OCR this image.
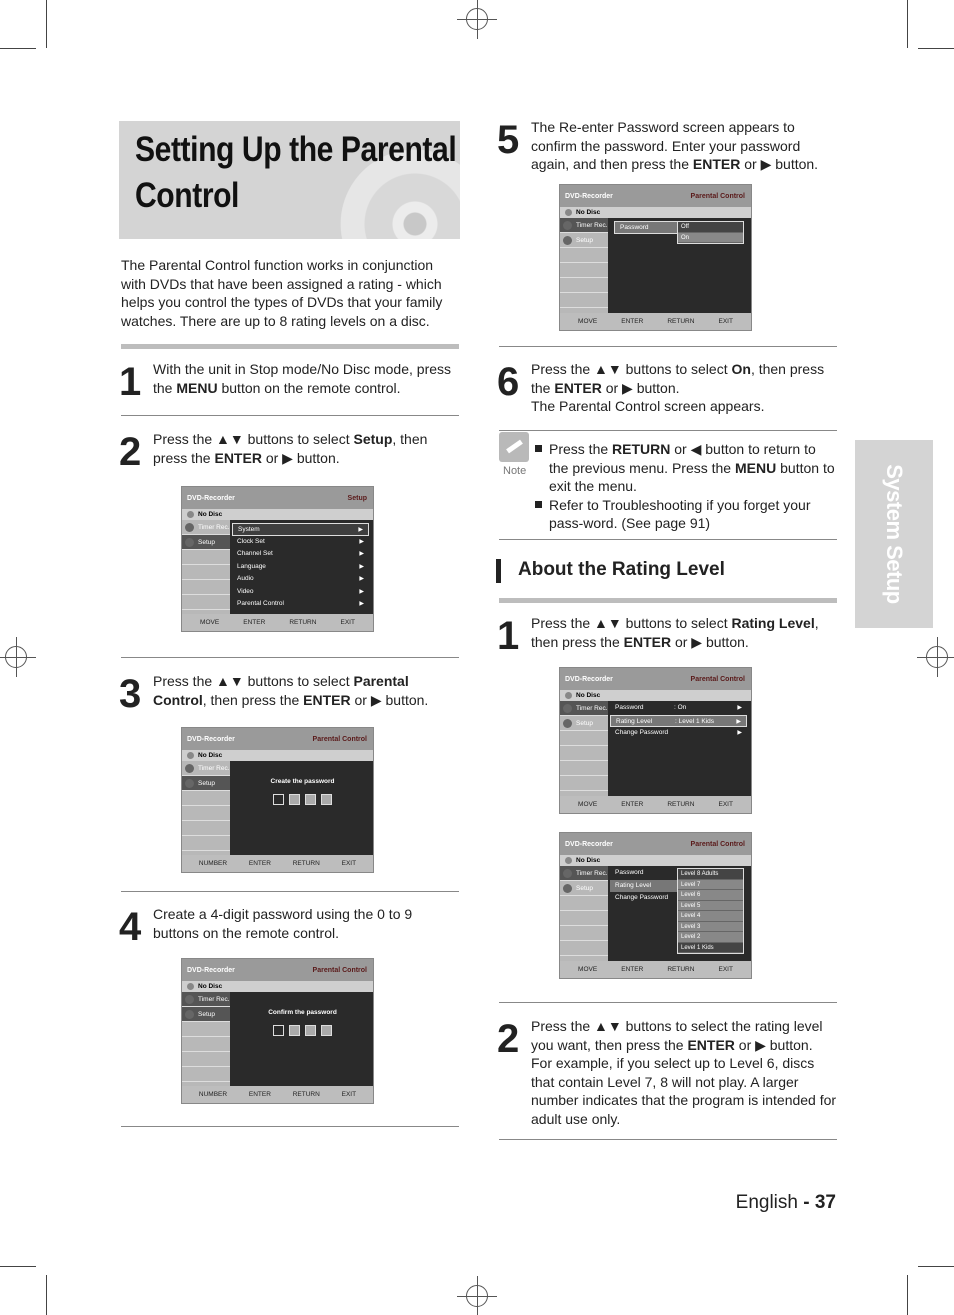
Setting Up the Parental Control

The Parental Control function works in conjunction with DVDs that have been assigned a rating - which helps you control the types of DVDs that your family watches. There are up to 8 rating levels on a disc.

1 With the unit in Stop mode/No Disc mode, press the MENU button on the remote control.
2 Press the ▲▼ buttons to select Setup, then press the ENTER or ▶ button.
DVD-Recorder	Setup
No Disc
Timer Rec.
Setup
System	▶
Clock Set	▶
Channel Set	▶
Language	▶
Audio	▶
Video	▶
Parental Control	▶
MOVE	ENTER	RETURN	EXIT
3 Press the ▲▼ buttons to select Parental Control, then press the ENTER or ▶ button.
DVD-Recorder	Parental Control
No Disc
Timer Rec.
Setup	Create the password
NUMBER	ENTER	RETURN	EXIT
4 Create a 4-digit password using the 0 to 9 buttons on the remote control.
DVD-Recorder	Parental Control
No Disc
Timer Rec.
Setup	Confirm the password
NUMBER	ENTER	RETURN	EXIT
5 The Re-enter Password screen appears to confirm the password. Enter your password again, and then press the ENTER or ▶ button.
DVD-Recorder	Parental Control
No Disc
Timer Rec.
Setup
Password	Off
On
MOVE	ENTER	RETURN	EXIT
6 Press the ▲▼ buttons to select On, then press the ENTER or ▶ button.
The Parental Control screen appears.
Note

Press the RETURN or ◀ button to return to the previous menu. Press the MENU button to exit the menu.

Refer to Troubleshooting if you forget your pass-word. (See page 91)

About the Rating Level
1 Press the ▲▼ buttons to select Rating Level, then press the ENTER or ▶ button.
DVD-Recorder	Parental Control
No Disc
Timer Rec.
Setup
Password	: On	▶
Rating Level	: Level 1 Kids	▶
Change Password	▶
MOVE	ENTER	RETURN	EXIT
DVD-Recorder	Parental Control
No Disc
Timer Rec.
Setup
Password
Rating Level
Change Password
Level 8 Adults
Level 7
Level 6
Level 5
Level 4
Level 3
Level 2
Level 1 Kids
MOVE	ENTER	RETURN	EXIT
2 Press the ▲▼ buttons to select the rating level you want, then press the ENTER or ▶ button.
For example, if you select up to Level 6, discs that contain Level 7, 8 will not play. A larger number indicates that the program is intended for adult use only.
System Setup
English - 37
